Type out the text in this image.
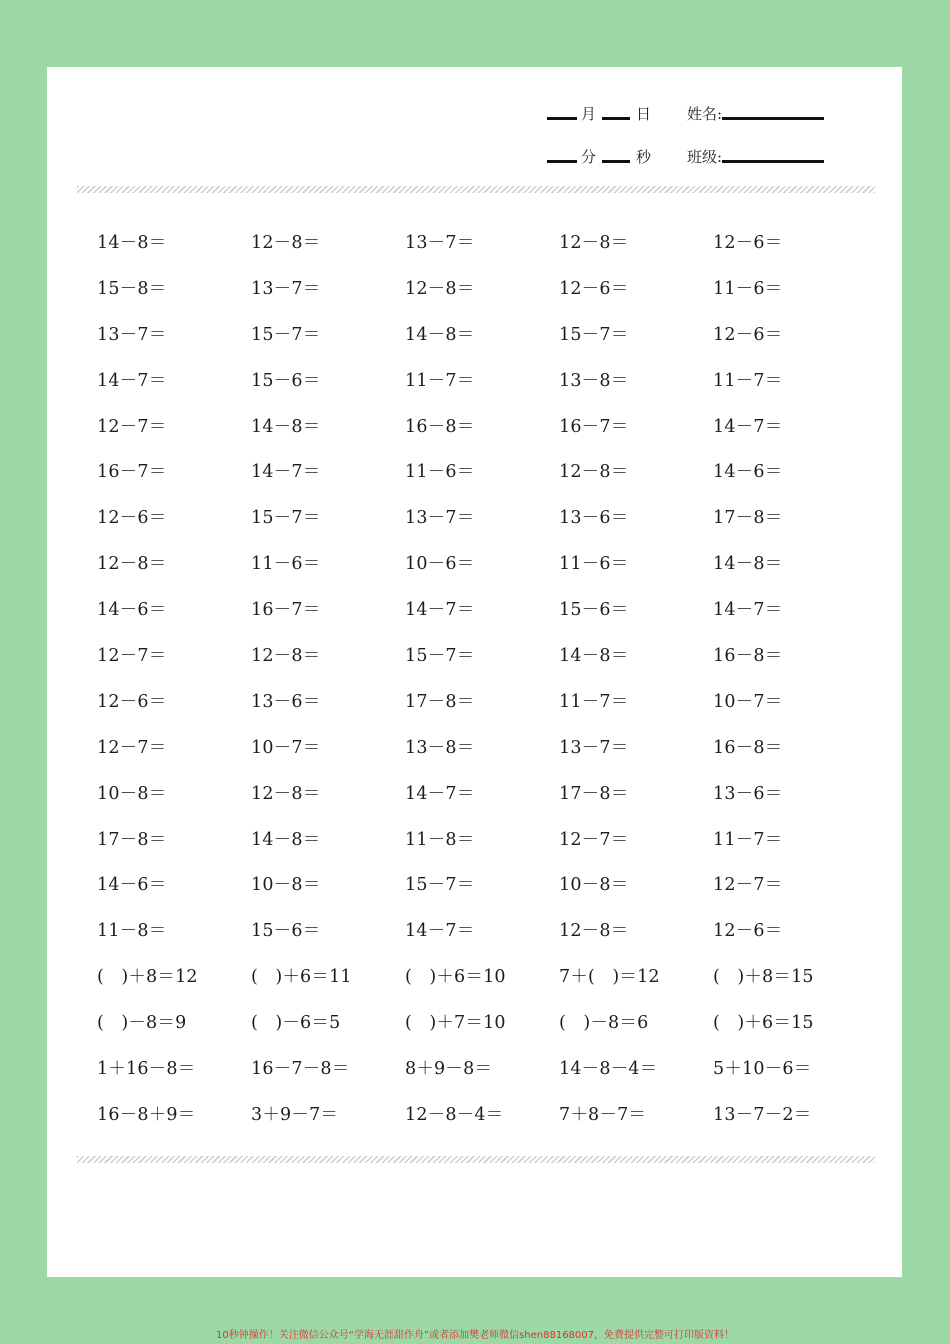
月	日 姓名:
分	秒 班级:
14－8＝	12－8＝	13－7＝	12－8＝	12－6＝
15－8＝	13－7＝	12－8＝	12－6＝	11－6＝
13－7＝	15－7＝	14－8＝	15－7＝	12－6＝
14－7＝	15－6＝	11－7＝	13－8＝	11－7＝
12－7＝	14－8＝	16－8＝	16－7＝	14－7＝
16－7＝	14－7＝	11－6＝	12－8＝	14－6＝
12－6＝	15－7＝	13－7＝	13－6＝	17－8＝
12－8＝	11－6＝	10－6＝	11－6＝	14－8＝
14－6＝	16－7＝	14－7＝	15－6＝	14－7＝
12－7＝	12－8＝	15－7＝	14－8＝	16－8＝
12－6＝	13－6＝	17－8＝	11－7＝	10－7＝
12－7＝	10－7＝	13－8＝	13－7＝	16－8＝
10－8＝	12－8＝	14－7＝	17－8＝	13－6＝
17－8＝	14－8＝	11－8＝	12－7＝	11－7＝
14－6＝	10－8＝	15－7＝	10－8＝	12－7＝
11－8＝	15－6＝	14－7＝	12－8＝	12－6＝
(   )＋8＝12	(   )＋6＝11	(   )＋6＝10	7＋(   )＝12	(   )＋8＝15
(   )－8＝9	(   )－6＝5	(   )＋7＝10	(   )－8＝6	(   )＋6＝15
1＋16－8＝	16－7－8＝	8＋9－8＝	14－8－4＝	5＋10－6＝
16－8＋9＝	3＋9－7＝	12－8－4＝	7＋8－7＝	13－7－2＝
10秒钟操作！关注微信公众号“学海无涯甜作舟”或者添加樊老师微信shen88168007，免费提供完整可打印版资料！
